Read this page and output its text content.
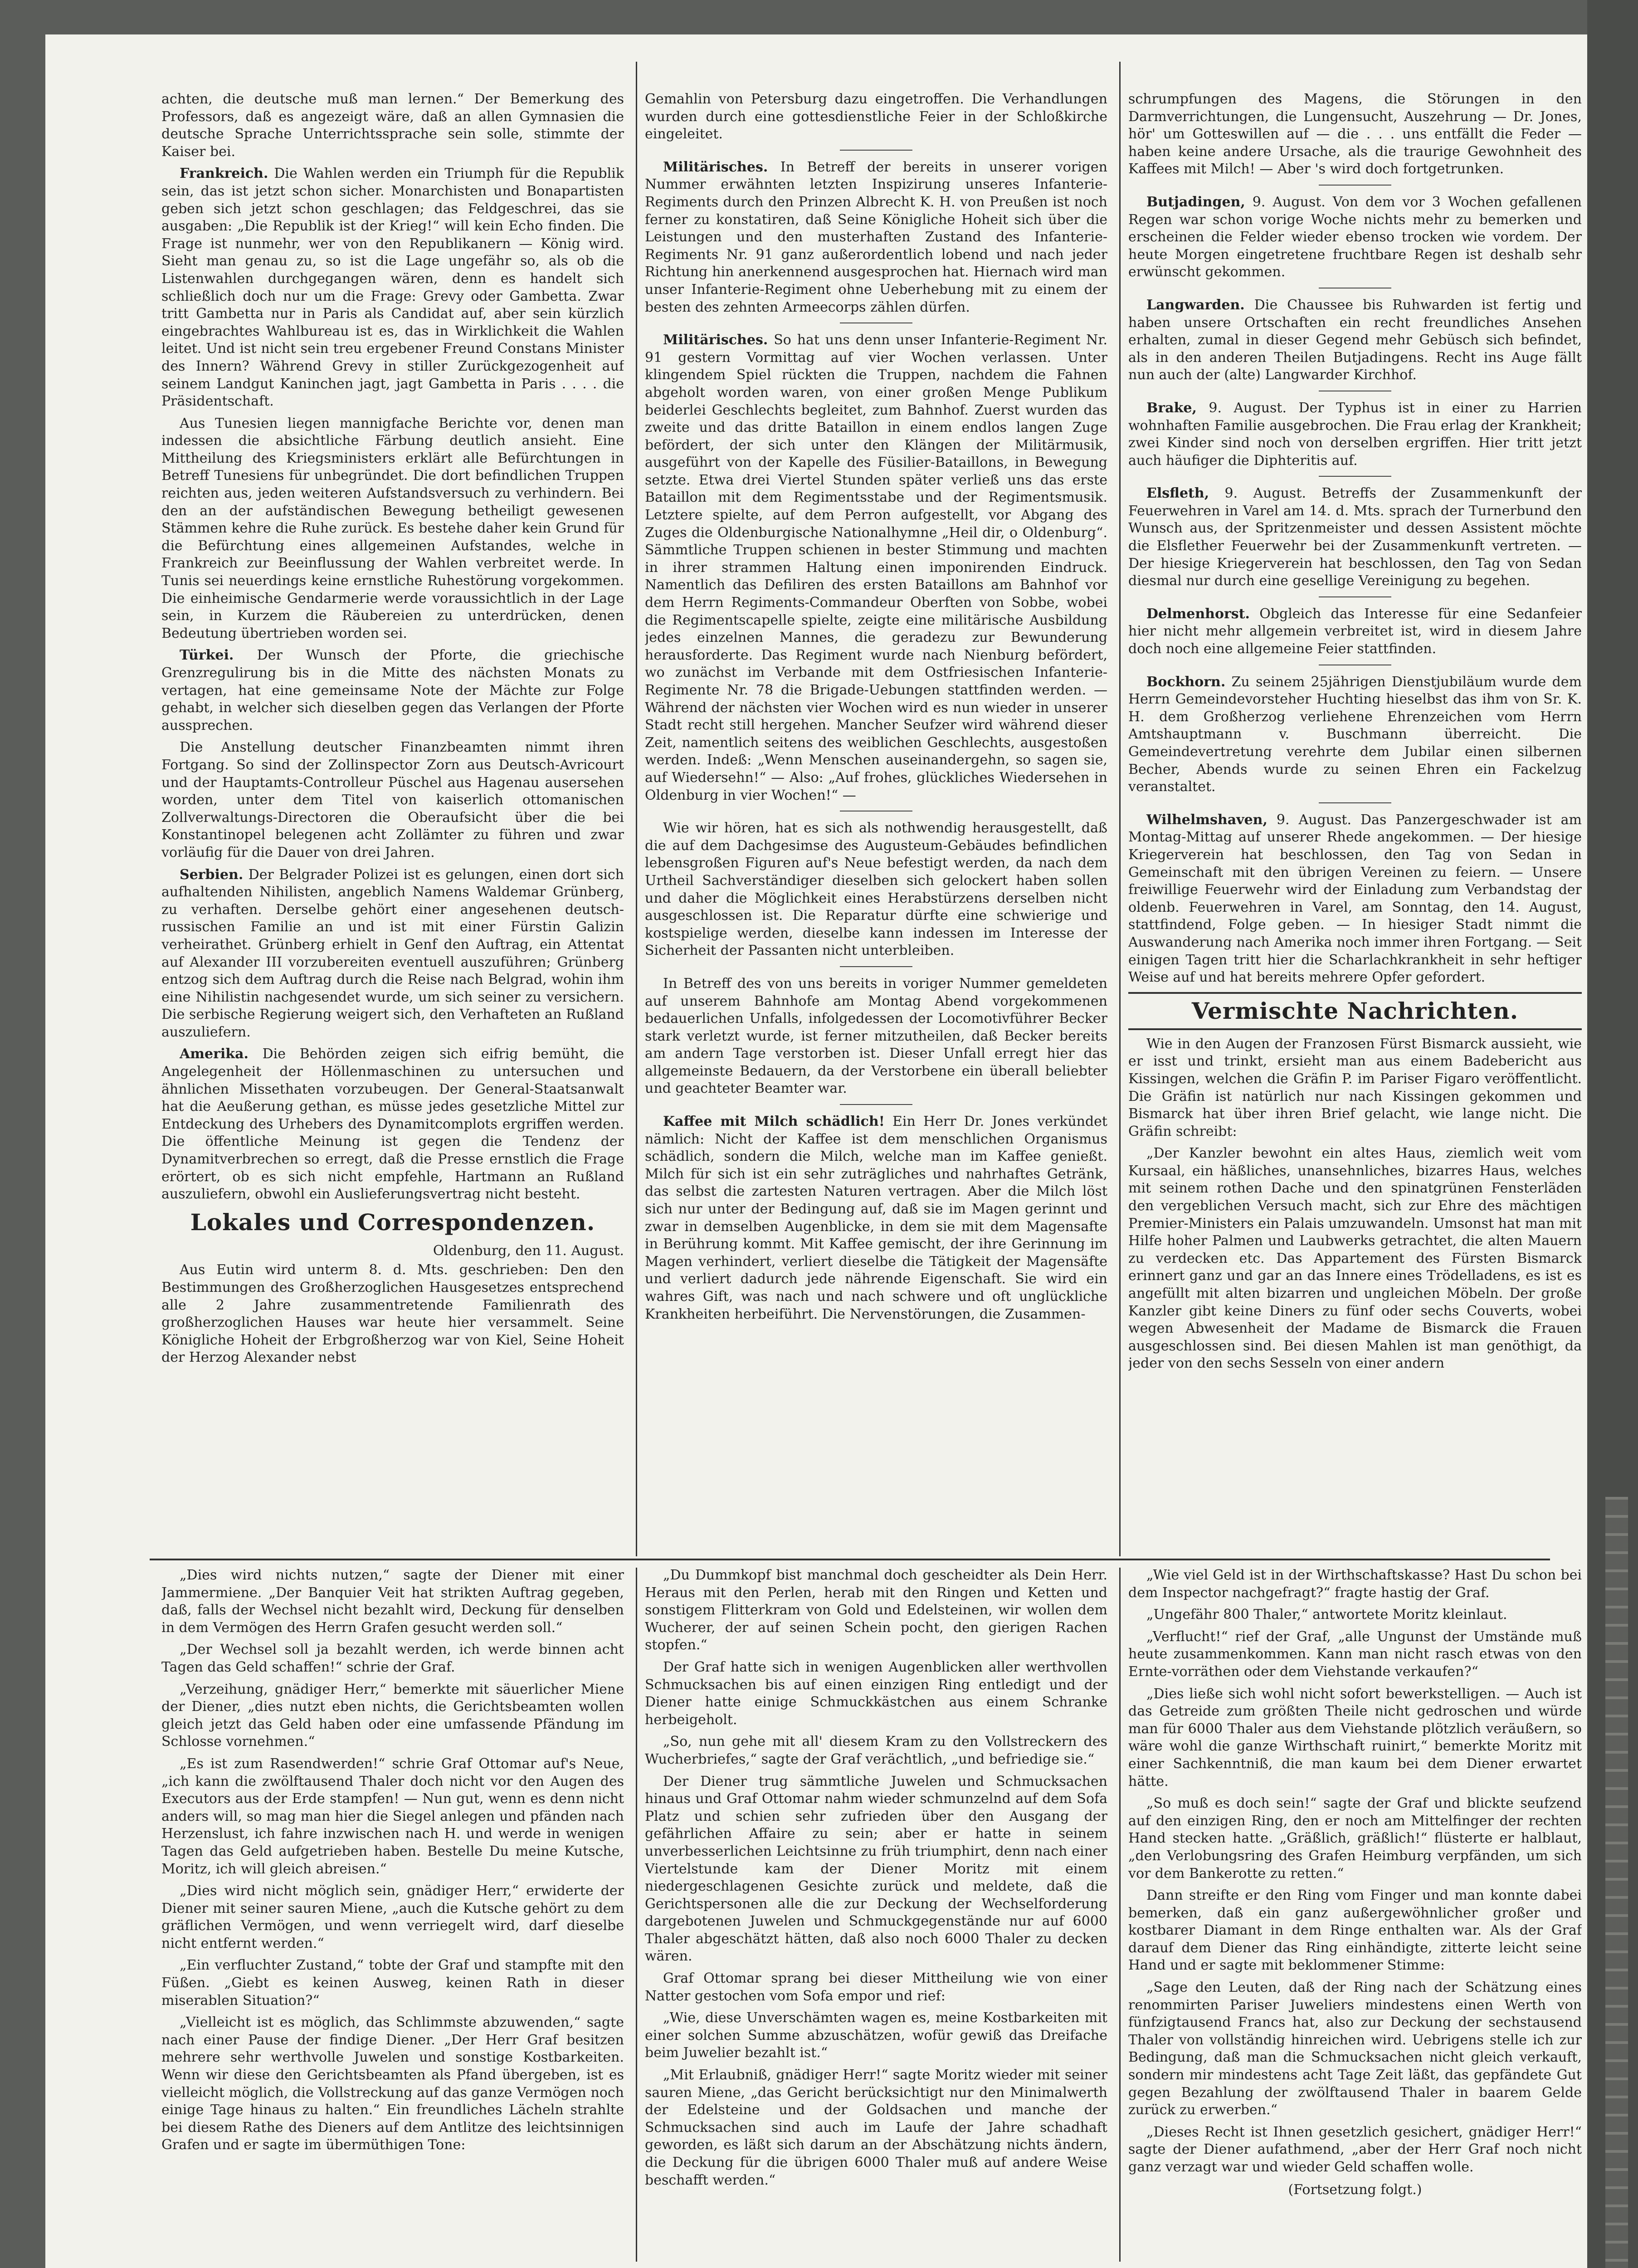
achten, die deutsche muß man lernen.“ Der Bemerkung des Professors, daß es angezeigt wäre, daß an allen Gymnasien die deutsche Sprache Unterrichtssprache sein solle, stimmte der Kaiser bei.

Frankreich. Die Wahlen werden ein Triumph für die Republik sein, das ist jetzt schon sicher. Monarchisten und Bonapartisten geben sich jetzt schon geschlagen; das Feldgeschrei, das sie ausgaben: „Die Republik ist der Krieg!“ will kein Echo finden. Die Frage ist nunmehr, wer von den Republikanern — König wird. Sieht man genau zu, so ist die Lage ungefähr so, als ob die Listenwahlen durchgegangen wären, denn es handelt sich schließlich doch nur um die Frage: Grevy oder Gambetta. Zwar tritt Gambetta nur in Paris als Candidat auf, aber sein kürzlich eingebrachtes Wahlbureau ist es, das in Wirklichkeit die Wahlen leitet. Und ist nicht sein treu ergebener Freund Constans Minister des Innern? Während Grevy in stiller Zurückgezogenheit auf seinem Landgut Kaninchen jagt, jagt Gambetta in Paris . . . . die Präsidentschaft.

Aus Tunesien liegen mannigfache Berichte vor, denen man indessen die absichtliche Färbung deutlich ansieht. Eine Mittheilung des Kriegsministers erklärt alle Befürchtungen in Betreff Tunesiens für unbegründet. Die dort befindlichen Truppen reichten aus, jeden weiteren Aufstandsversuch zu verhindern. Bei den an der aufständischen Bewegung betheiligt gewesenen Stämmen kehre die Ruhe zurück. Es bestehe daher kein Grund für die Befürchtung eines allgemeinen Aufstandes, welche in Frankreich zur Beeinflussung der Wahlen verbreitet werde. In Tunis sei neuerdings keine ernstliche Ruhestörung vorgekommen. Die einheimische Gendarmerie werde voraussichtlich in der Lage sein, in Kurzem die Räubereien zu unterdrücken, denen Bedeutung übertrieben worden sei.

Türkei. Der Wunsch der Pforte, die griechische Grenzregulirung bis in die Mitte des nächsten Monats zu vertagen, hat eine gemeinsame Note der Mächte zur Folge gehabt, in welcher sich dieselben gegen das Verlangen der Pforte aussprechen.

Die Anstellung deutscher Finanzbeamten nimmt ihren Fortgang. So sind der Zollinspector Zorn aus Deutsch-Avricourt und der Hauptamts-Controlleur Püschel aus Hagenau ausersehen worden, unter dem Titel von kaiserlich ottomanischen Zollverwaltungs-Directoren die Oberaufsicht über die bei Konstantinopel belegenen acht Zollämter zu führen und zwar vorläufig für die Dauer von drei Jahren.

Serbien. Der Belgrader Polizei ist es gelungen, einen dort sich aufhaltenden Nihilisten, angeblich Namens Waldemar Grünberg, zu verhaften. Derselbe gehört einer angesehenen deutsch-russischen Familie an und ist mit einer Fürstin Galizin verheirathet. Grünberg erhielt in Genf den Auftrag, ein Attentat auf Alexander III vorzubereiten eventuell auszuführen; Grünberg entzog sich dem Auftrag durch die Reise nach Belgrad, wohin ihm eine Nihilistin nachgesendet wurde, um sich seiner zu versichern. Die serbische Regierung weigert sich, den Verhafteten an Rußland auszuliefern.

Amerika. Die Behörden zeigen sich eifrig bemüht, die Angelegenheit der Höllenmaschinen zu untersuchen und ähnlichen Missethaten vorzubeugen. Der General-Staatsanwalt hat die Aeußerung gethan, es müsse jedes gesetzliche Mittel zur Entdeckung des Urhebers des Dynamitcomplots ergriffen werden. Die öffentliche Meinung ist gegen die Tendenz der Dynamitverbrechen so erregt, daß die Presse ernstlich die Frage erörtert, ob es sich nicht empfehle, Hartmann an Rußland auszuliefern, obwohl ein Auslieferungsvertrag nicht besteht.

Lokales und Correspondenzen.
Oldenburg, den 11. August.

Aus Eutin wird unterm 8. d. Mts. geschrieben: Den den Bestimmungen des Großherzoglichen Hausgesetzes entsprechend alle 2 Jahre zusammentretende Familienrath des großherzoglichen Hauses war heute hier versammelt. Seine Königliche Hoheit der Erbgroßherzog war von Kiel, Seine Hoheit der Herzog Alexander nebst

Gemahlin von Petersburg dazu eingetroffen. Die Verhandlungen wurden durch eine gottesdienstliche Feier in der Schloßkirche eingeleitet.

Militärisches. In Betreff der bereits in unserer vorigen Nummer erwähnten letzten Inspizirung unseres Infanterie-Regiments durch den Prinzen Albrecht K. H. von Preußen ist noch ferner zu konstatiren, daß Seine Königliche Hoheit sich über die Leistungen und den musterhaften Zustand des Infanterie-Regiments Nr. 91 ganz außerordentlich lobend und nach jeder Richtung hin anerkennend ausgesprochen hat. Hiernach wird man unser Infanterie-Regiment ohne Ueberhebung mit zu einem der besten des zehnten Armeecorps zählen dürfen.

Militärisches. So hat uns denn unser Infanterie-Regiment Nr. 91 gestern Vormittag auf vier Wochen verlassen. Unter klingendem Spiel rückten die Truppen, nachdem die Fahnen abgeholt worden waren, von einer großen Menge Publikum beiderlei Geschlechts begleitet, zum Bahnhof. Zuerst wurden das zweite und das dritte Bataillon in einem endlos langen Zuge befördert, der sich unter den Klängen der Militärmusik, ausgeführt von der Kapelle des Füsilier-Bataillons, in Bewegung setzte. Etwa drei Viertel Stunden später verließ uns das erste Bataillon mit dem Regimentsstabe und der Regimentsmusik. Letztere spielte, auf dem Perron aufgestellt, vor Abgang des Zuges die Oldenburgische Nationalhymne „Heil dir, o Oldenburg“. Sämmtliche Truppen schienen in bester Stimmung und machten in ihrer strammen Haltung einen imponirenden Eindruck. Namentlich das Defiliren des ersten Bataillons am Bahnhof vor dem Herrn Regiments-Commandeur Oberften von Sobbe, wobei die Regimentscapelle spielte, zeigte eine militärische Ausbildung jedes einzelnen Mannes, die geradezu zur Bewunderung herausforderte. Das Regiment wurde nach Nienburg befördert, wo zunächst im Verbande mit dem Ostfriesischen Infanterie-Regimente Nr. 78 die Brigade-Uebungen stattfinden werden. — Während der nächsten vier Wochen wird es nun wieder in unserer Stadt recht still hergehen. Mancher Seufzer wird während dieser Zeit, namentlich seitens des weiblichen Geschlechts, ausgestoßen werden. Indeß: „Wenn Menschen auseinandergehn, so sagen sie, auf Wiedersehn!“ — Also: „Auf frohes, glückliches Wiedersehen in Oldenburg in vier Wochen!“ —

Wie wir hören, hat es sich als nothwendig herausgestellt, daß die auf dem Dachgesimse des Augusteum-Gebäudes befindlichen lebensgroßen Figuren auf's Neue befestigt werden, da nach dem Urtheil Sachverständiger dieselben sich gelockert haben sollen und daher die Möglichkeit eines Herabstürzens derselben nicht ausgeschlossen ist. Die Reparatur dürfte eine schwierige und kostspielige werden, dieselbe kann indessen im Interesse der Sicherheit der Passanten nicht unterbleiben.

In Betreff des von uns bereits in voriger Nummer gemeldeten auf unserem Bahnhofe am Montag Abend vorgekommenen bedauerlichen Unfalls, infolgedessen der Locomotivführer Becker stark verletzt wurde, ist ferner mitzutheilen, daß Becker bereits am andern Tage verstorben ist. Dieser Unfall erregt hier das allgemeinste Bedauern, da der Verstorbene ein überall beliebter und geachteter Beamter war.

Kaffee mit Milch schädlich! Ein Herr Dr. Jones verkündet nämlich: Nicht der Kaffee ist dem menschlichen Organismus schädlich, sondern die Milch, welche man im Kaffee genießt. Milch für sich ist ein sehr zuträgliches und nahrhaftes Getränk, das selbst die zartesten Naturen vertragen. Aber die Milch löst sich nur unter der Bedingung auf, daß sie im Magen gerinnt und zwar in demselben Augenblicke, in dem sie mit dem Magensafte in Berührung kommt. Mit Kaffee gemischt, der ihre Gerinnung im Magen verhindert, verliert dieselbe die Tätigkeit der Magensäfte und verliert dadurch jede nährende Eigenschaft. Sie wird ein wahres Gift, was nach und nach schwere und oft unglückliche Krankheiten herbeiführt. Die Nervenstörungen, die Zusammen-

schrumpfungen des Magens, die Störungen in den Darmverrichtungen, die Lungensucht, Auszehrung — Dr. Jones, hör' um Gotteswillen auf — die . . . uns entfällt die Feder — haben keine andere Ursache, als die traurige Gewohnheit des Kaffees mit Milch! — Aber 's wird doch fortgetrunken.

Butjadingen, 9. August. Von dem vor 3 Wochen gefallenen Regen war schon vorige Woche nichts mehr zu bemerken und erscheinen die Felder wieder ebenso trocken wie vordem. Der heute Morgen eingetretene fruchtbare Regen ist deshalb sehr erwünscht gekommen.

Langwarden. Die Chaussee bis Ruhwarden ist fertig und haben unsere Ortschaften ein recht freundliches Ansehen erhalten, zumal in dieser Gegend mehr Gebüsch sich befindet, als in den anderen Theilen Butjadingens. Recht ins Auge fällt nun auch der (alte) Langwarder Kirchhof.

Brake, 9. August. Der Typhus ist in einer zu Harrien wohnhaften Familie ausgebrochen. Die Frau erlag der Krankheit; zwei Kinder sind noch von derselben ergriffen. Hier tritt jetzt auch häufiger die Diphteritis auf.

Elsfleth, 9. August. Betreffs der Zusammenkunft der Feuerwehren in Varel am 14. d. Mts. sprach der Turnerbund den Wunsch aus, der Spritzenmeister und dessen Assistent möchte die Elsflether Feuerwehr bei der Zusammenkunft vertreten. — Der hiesige Kriegerverein hat beschlossen, den Tag von Sedan diesmal nur durch eine gesellige Vereinigung zu begehen.

Delmenhorst. Obgleich das Interesse für eine Sedanfeier hier nicht mehr allgemein verbreitet ist, wird in diesem Jahre doch noch eine allgemeine Feier stattfinden.

Bockhorn. Zu seinem 25jährigen Dienstjubiläum wurde dem Herrn Gemeindevorsteher Huchting hieselbst das ihm von Sr. K. H. dem Großherzog verliehene Ehrenzeichen vom Herrn Amtshauptmann v. Buschmann überreicht. Die Gemeindevertretung verehrte dem Jubilar einen silbernen Becher, Abends wurde zu seinen Ehren ein Fackelzug veranstaltet.

Wilhelmshaven, 9. August. Das Panzergeschwader ist am Montag-Mittag auf unserer Rhede angekommen. — Der hiesige Kriegerverein hat beschlossen, den Tag von Sedan in Gemeinschaft mit den übrigen Vereinen zu feiern. — Unsere freiwillige Feuerwehr wird der Einladung zum Verbandstag der oldenb. Feuerwehren in Varel, am Sonntag, den 14. August, stattfindend, Folge geben. — In hiesiger Stadt nimmt die Auswanderung nach Amerika noch immer ihren Fortgang. — Seit einigen Tagen tritt hier die Scharlachkrankheit in sehr heftiger Weise auf und hat bereits mehrere Opfer gefordert.

Vermischte Nachrichten.

Wie in den Augen der Franzosen Fürst Bismarck aussieht, wie er isst und trinkt, ersieht man aus einem Badebericht aus Kissingen, welchen die Gräfin P. im Pariser Figaro veröffentlicht. Die Gräfin ist natürlich nur nach Kissingen gekommen und Bismarck hat über ihren Brief gelacht, wie lange nicht. Die Gräfin schreibt:

„Der Kanzler bewohnt ein altes Haus, ziemlich weit vom Kursaal, ein häßliches, unansehnliches, bizarres Haus, welches mit seinem rothen Dache und den spinatgrünen Fensterläden den vergeblichen Versuch macht, sich zur Ehre des mächtigen Premier-Ministers ein Palais umzuwandeln. Umsonst hat man mit Hilfe hoher Palmen und Laubwerks getrachtet, die alten Mauern zu verdecken etc. Das Appartement des Fürsten Bismarck erinnert ganz und gar an das Innere eines Trödelladens, es ist es angefüllt mit alten bizarren und ungleichen Möbeln. Der große Kanzler gibt keine Diners zu fünf oder sechs Couverts, wobei wegen Abwesenheit der Madame de Bismarck die Frauen ausgeschlossen sind. Bei diesen Mahlen ist man genöthigt, da jeder von den sechs Sesseln von einer andern

„Dies wird nichts nutzen,“ sagte der Diener mit einer Jammermiene. „Der Banquier Veit hat strikten Auftrag gegeben, daß, falls der Wechsel nicht bezahlt wird, Deckung für denselben in dem Vermögen des Herrn Grafen gesucht werden soll.“

„Der Wechsel soll ja bezahlt werden, ich werde binnen acht Tagen das Geld schaffen!“ schrie der Graf.

„Verzeihung, gnädiger Herr,“ bemerkte mit säuerlicher Miene der Diener, „dies nutzt eben nichts, die Gerichtsbeamten wollen gleich jetzt das Geld haben oder eine umfassende Pfändung im Schlosse vornehmen.“

„Es ist zum Rasendwerden!“ schrie Graf Ottomar auf's Neue, „ich kann die zwölftausend Thaler doch nicht vor den Augen des Executors aus der Erde stampfen! — Nun gut, wenn es denn nicht anders will, so mag man hier die Siegel anlegen und pfänden nach Herzenslust, ich fahre inzwischen nach H. und werde in wenigen Tagen das Geld aufgetrieben haben. Bestelle Du meine Kutsche, Moritz, ich will gleich abreisen.“

„Dies wird nicht möglich sein, gnädiger Herr,“ erwiderte der Diener mit seiner sauren Miene, „auch die Kutsche gehört zu dem gräflichen Vermögen, und wenn verriegelt wird, darf dieselbe nicht entfernt werden.“

„Ein verfluchter Zustand,“ tobte der Graf und stampfte mit den Füßen. „Giebt es keinen Ausweg, keinen Rath in dieser miserablen Situation?“

„Vielleicht ist es möglich, das Schlimmste abzuwenden,“ sagte nach einer Pause der findige Diener. „Der Herr Graf besitzen mehrere sehr werthvolle Juwelen und sonstige Kostbarkeiten. Wenn wir diese den Gerichtsbeamten als Pfand übergeben, ist es vielleicht möglich, die Vollstreckung auf das ganze Vermögen noch einige Tage hinaus zu halten.“ Ein freundliches Lächeln strahlte bei diesem Rathe des Dieners auf dem Antlitze des leichtsinnigen Grafen und er sagte im übermüthigen Tone:

„Du Dummkopf bist manchmal doch gescheidter als Dein Herr. Heraus mit den Perlen, herab mit den Ringen und Ketten und sonstigem Flitterkram von Gold und Edelsteinen, wir wollen dem Wucherer, der auf seinen Schein pocht, den gierigen Rachen stopfen.“

Der Graf hatte sich in wenigen Augenblicken aller werthvollen Schmucksachen bis auf einen einzigen Ring entledigt und der Diener hatte einige Schmuckkästchen aus einem Schranke herbeigeholt.

„So, nun gehe mit all' diesem Kram zu den Vollstreckern des Wucherbriefes,“ sagte der Graf verächtlich, „und befriedige sie.“

Der Diener trug sämmtliche Juwelen und Schmucksachen hinaus und Graf Ottomar nahm wieder schmunzelnd auf dem Sofa Platz und schien sehr zufrieden über den Ausgang der gefährlichen Affaire zu sein; aber er hatte in seinem unverbesserlichen Leichtsinne zu früh triumphirt, denn nach einer Viertelstunde kam der Diener Moritz mit einem niedergeschlagenen Gesichte zurück und meldete, daß die Gerichtspersonen alle die zur Deckung der Wechselforderung dargebotenen Juwelen und Schmuckgegenstände nur auf 6000 Thaler abgeschätzt hätten, daß also noch 6000 Thaler zu decken wären.

Graf Ottomar sprang bei dieser Mittheilung wie von einer Natter gestochen vom Sofa empor und rief:

„Wie, diese Unverschämten wagen es, meine Kostbarkeiten mit einer solchen Summe abzuschätzen, wofür gewiß das Dreifache beim Juwelier bezahlt ist.“

„Mit Erlaubniß, gnädiger Herr!“ sagte Moritz wieder mit seiner sauren Miene, „das Gericht berücksichtigt nur den Minimalwerth der Edelsteine und der Goldsachen und manche der Schmucksachen sind auch im Laufe der Jahre schadhaft geworden, es läßt sich darum an der Abschätzung nichts ändern, die Deckung für die übrigen 6000 Thaler muß auf andere Weise beschafft werden.“

„Wie viel Geld ist in der Wirthschaftskasse? Hast Du schon bei dem Inspector nachgefragt?“ fragte hastig der Graf.

„Ungefähr 800 Thaler,“ antwortete Moritz kleinlaut.

„Verflucht!“ rief der Graf, „alle Ungunst der Umstände muß heute zusammenkommen. Kann man nicht rasch etwas von den Ernte-vorräthen oder dem Viehstande verkaufen?“

„Dies ließe sich wohl nicht sofort bewerkstelligen. — Auch ist das Getreide zum größten Theile nicht gedroschen und würde man für 6000 Thaler aus dem Viehstande plötzlich veräußern, so wäre wohl die ganze Wirthschaft ruinirt,“ bemerkte Moritz mit einer Sachkenntniß, die man kaum bei dem Diener erwartet hätte.

„So muß es doch sein!“ sagte der Graf und blickte seufzend auf den einzigen Ring, den er noch am Mittelfinger der rechten Hand stecken hatte. „Gräßlich, gräßlich!“ flüsterte er halblaut, „den Verlobungsring des Grafen Heimburg verpfänden, um sich vor dem Bankerotte zu retten.“

Dann streifte er den Ring vom Finger und man konnte dabei bemerken, daß ein ganz außergewöhnlicher großer und kostbarer Diamant in dem Ringe enthalten war. Als der Graf darauf dem Diener das Ring einhändigte, zitterte leicht seine Hand und er sagte mit beklommener Stimme:

„Sage den Leuten, daß der Ring nach der Schätzung eines renommirten Pariser Juweliers mindestens einen Werth von fünfzigtausend Francs hat, also zur Deckung der sechstausend Thaler von vollständig hinreichen wird. Uebrigens stelle ich zur Bedingung, daß man die Schmucksachen nicht gleich verkauft, sondern mir mindestens acht Tage Zeit läßt, das gepfändete Gut gegen Bezahlung der zwölftausend Thaler in baarem Gelde zurück zu erwerben.“

„Dieses Recht ist Ihnen gesetzlich gesichert, gnädiger Herr!“ sagte der Diener aufathmend, „aber der Herr Graf noch nicht ganz verzagt war und wieder Geld schaffen wolle.

(Fortsetzung folgt.)
